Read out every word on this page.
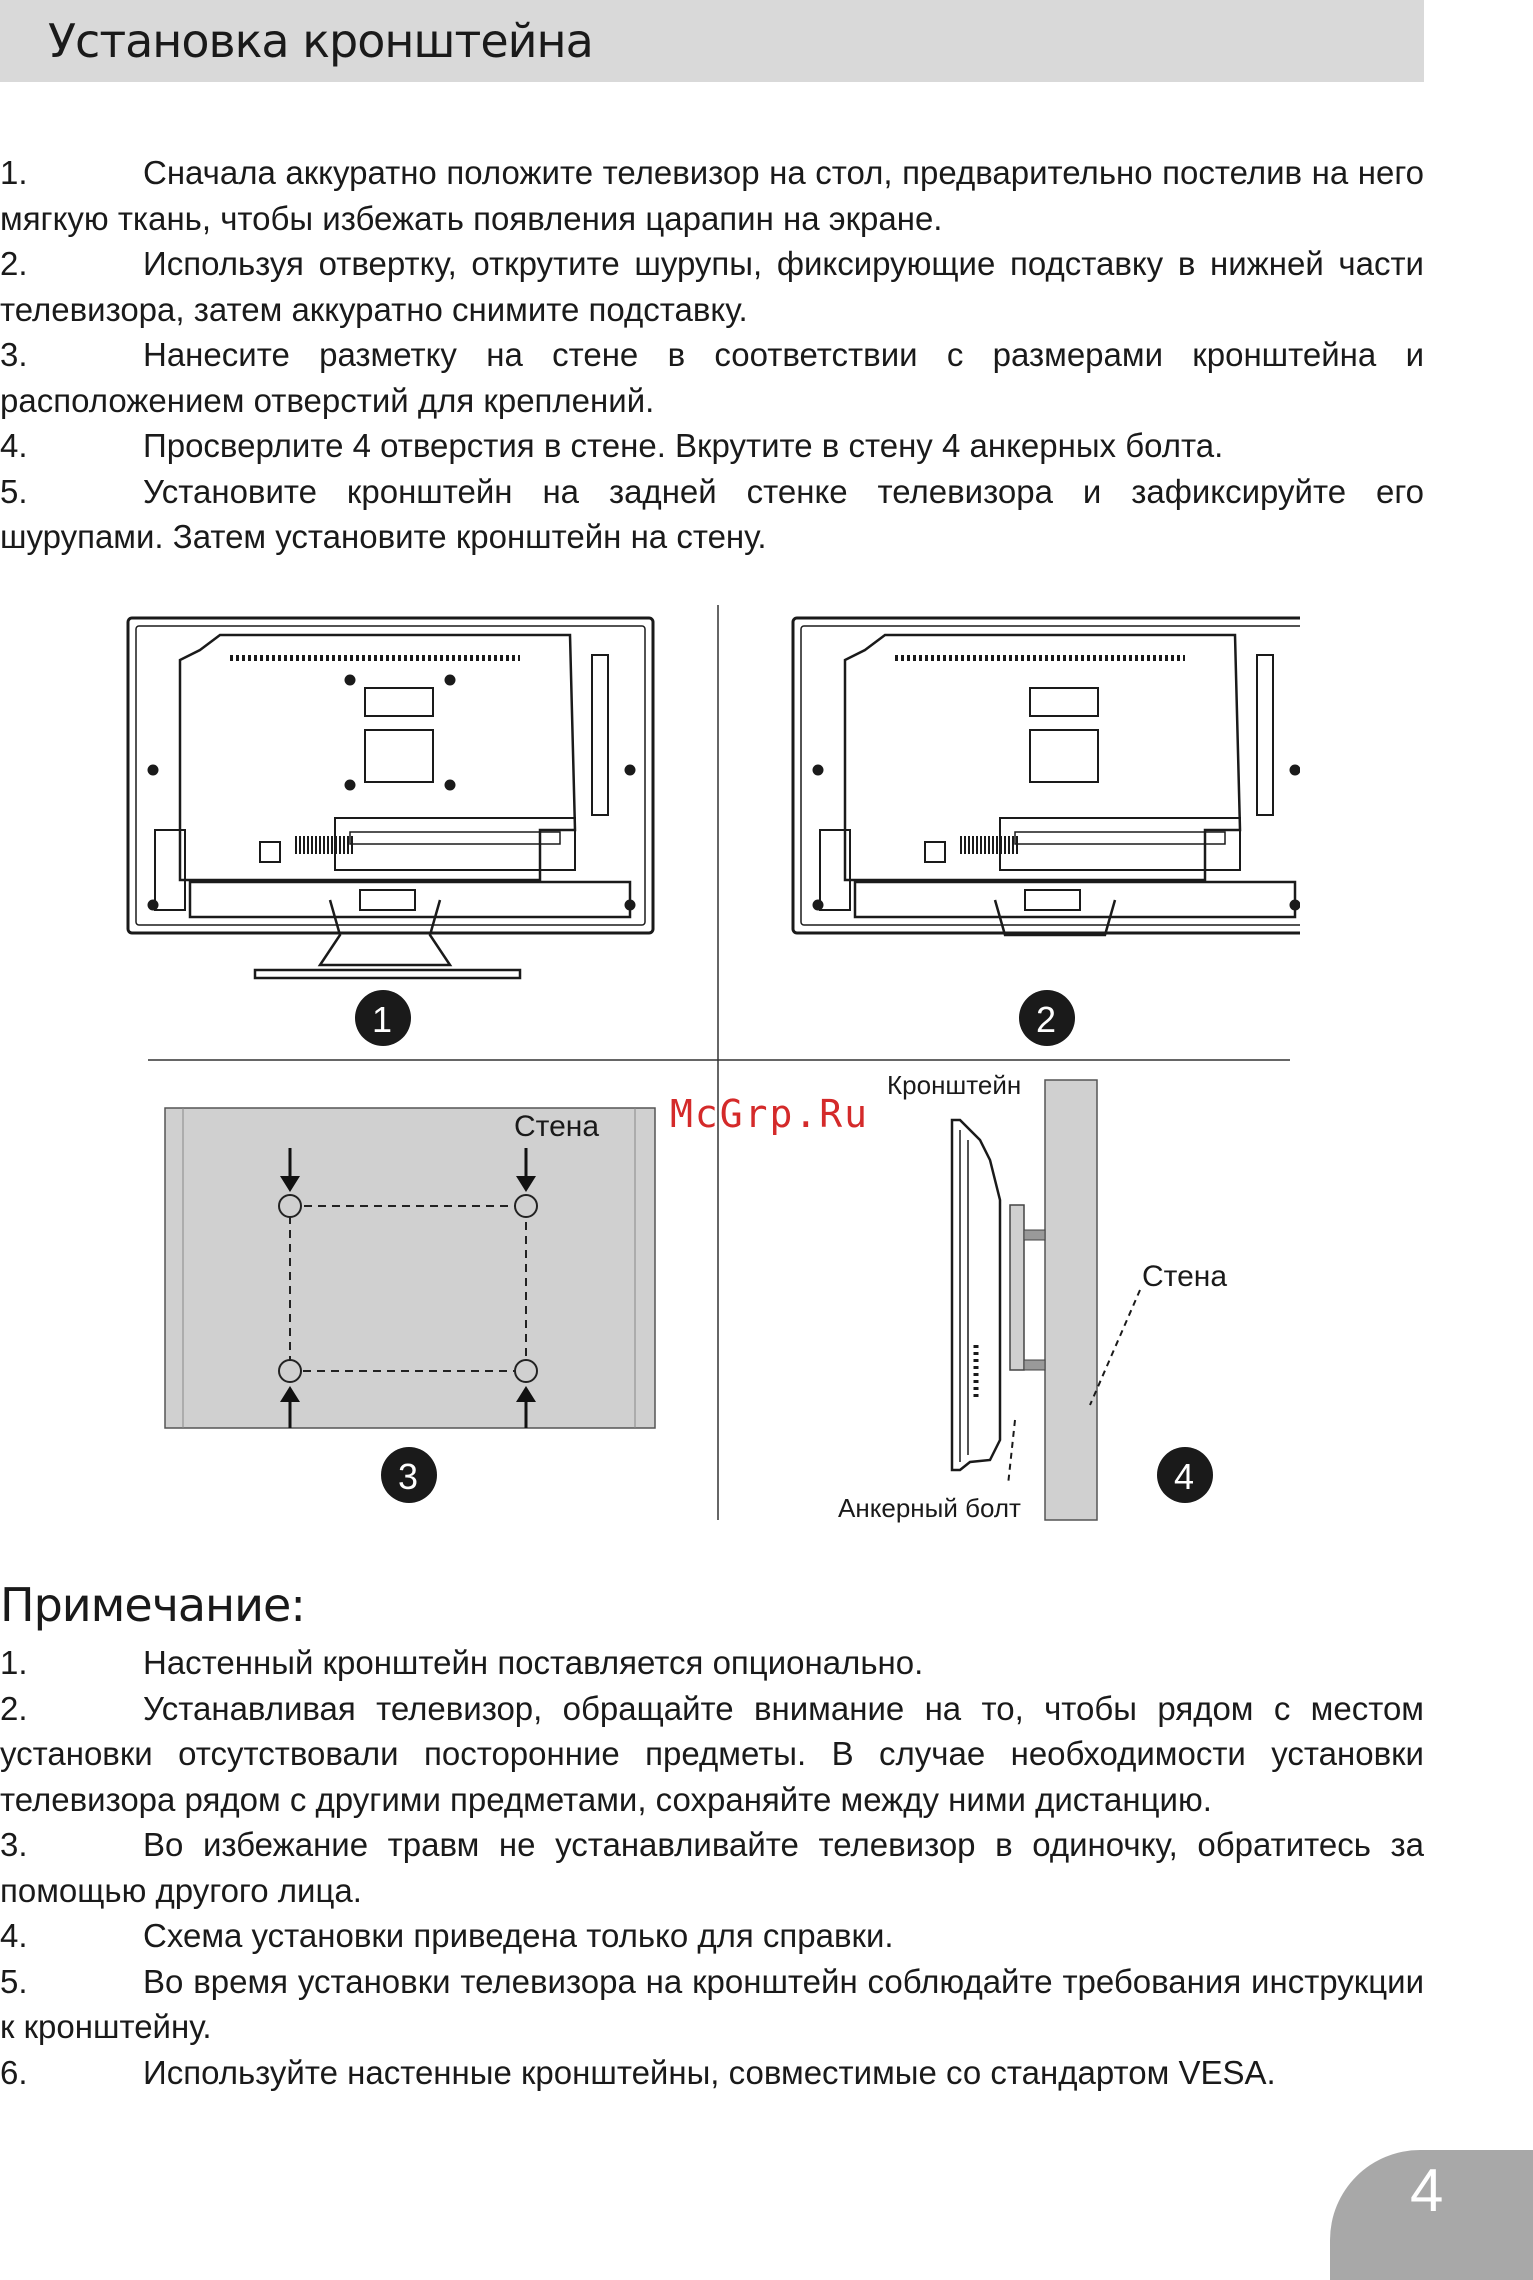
Установка кронштейна

1.	Сначала аккуратно положите телевизор на стол, предварительно постелив на него мягкую ткань, чтобы избежать появления царапин на экране.

2.	Используя отвертку, открутите шурупы, фиксирующие подставку в нижней части телевизора, затем аккуратно снимите подставку.

3.	Нанесите разметку на стене в соответствии с размерами кронштейна и расположением отверстий для креплений.

4.	Просверлите 4 отверстия в стене. Вкрутите в стену 4 анкерных болта.

5.	Установите кронштейн на задней стенке телевизора и зафиксируйте его шурупами. Затем установите кронштейн на стену.

1	2
3	4
Стена
Кронштейн
Стена
Анкерный болт
McGrp.Ru
Примечание:

1.	Настенный кронштейн поставляется опционально.

2.	Устанавливая телевизор, обращайте внимание на то, чтобы рядом с местом установки отсутствовали посторонние предметы. В случае необходимости установки телевизора рядом с другими предметами, сохраняйте между ними дистанцию.

3.	Во избежание травм не устанавливайте телевизор в одиночку, обратитесь за помощью другого лица.

4.	Схема установки приведена только для справки.

5.	Во время установки телевизора на кронштейн соблюдайте требования инструкции к кронштейну.

6.	Используйте настенные кронштейны, совместимые со стандартом VESA.

4
